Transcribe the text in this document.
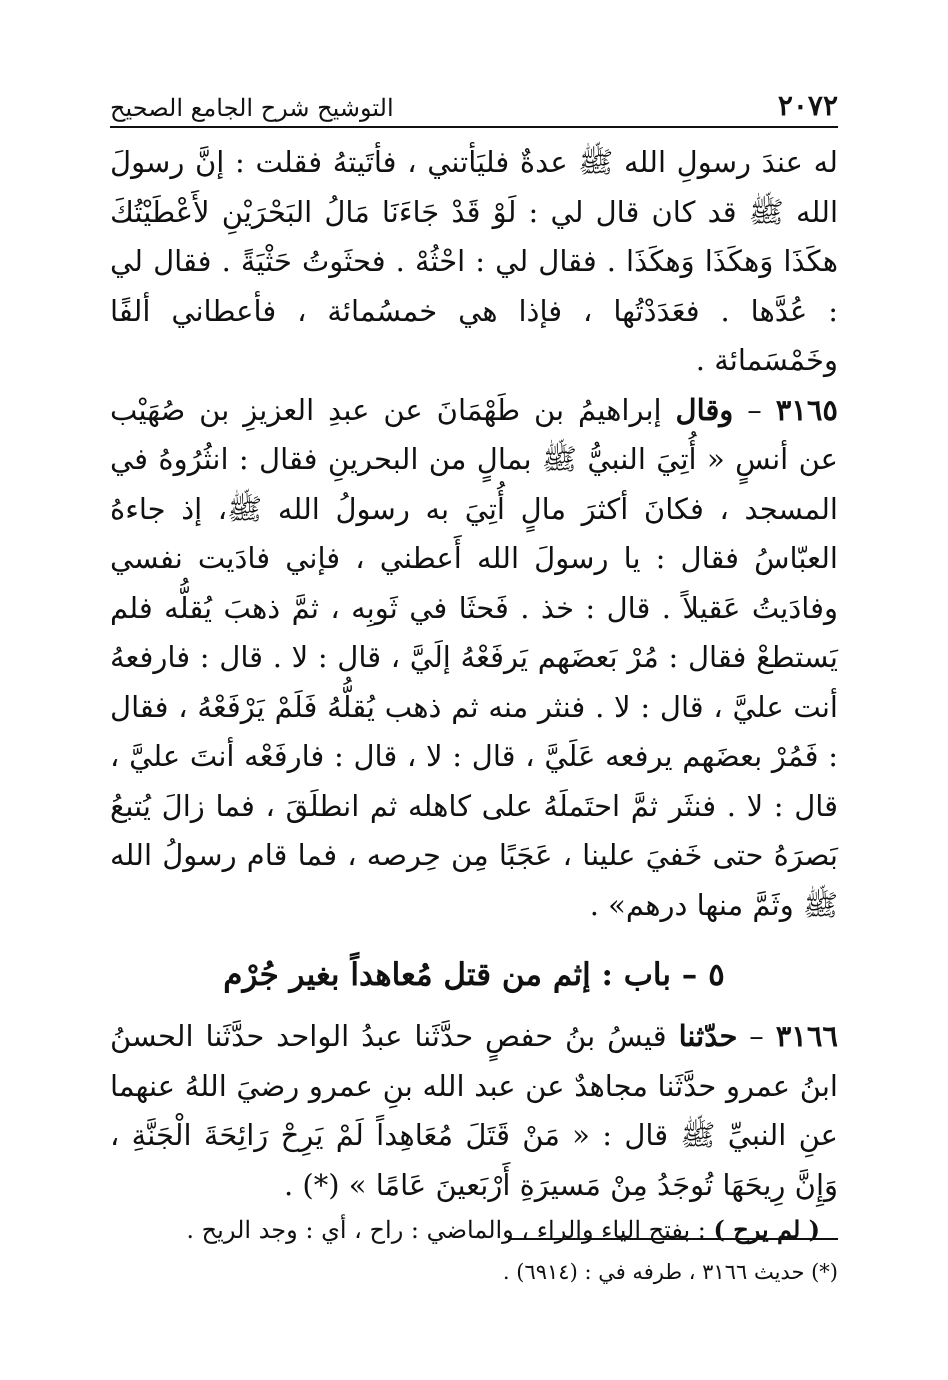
٢٠٧٢
التوشيح شرح الجامع الصحيح

له عندَ رسولِ الله ﷺ عدةٌ فليَأتني ، فأتَيتهُ فقلت : إنَّ رسولَ الله ﷺ قد كان قال لي : لَوْ قَدْ جَاءَنَا مَالُ البَحْرَيْنِ لأَعْطَيْتُكَ هكَذَا وَهكَذَا وَهكَذَا . فقال لي : احْثُهْ . فحثَوتُ حَثْيَةً . فقال لي : عُدَّها . فعَدَدْتُها ، فإذا هي خمسُمائة ، فأعطاني ألفًا وخَمْسَمائة .

٣١٦٥ – وقال إبراهيمُ بن طَهْمَانَ عن عبدِ العزيزِ بن صُهَيْب عن أنسٍ « أُتِيَ النبيُّ ﷺ بمالٍ من البحرينِ فقال : انثُرُوهُ في المسجد ، فكانَ أكثرَ مالٍ أُتِيَ به رسولُ الله ﷺ، إذ جاءهُ العبّاسُ فقال : يا رسولَ الله أَعطني ، فإني فادَيت نفسي وفادَيتُ عَقيلاً . قال : خذ . فَحثَا في ثَوبِه ، ثمَّ ذهبَ يُقلُّه فلم يَستطعْ فقال : مُرْ بَعضَهم يَرفَعْهُ إلَيَّ ، قال : لا . قال : فارفعهُ أنت عليَّ ، قال : لا . فنثر منه ثم ذهب يُقلُّهُ فَلَمْ يَرْفَعْهُ ، فقال : فَمُرْ بعضَهم يرفعه عَلَيَّ ، قال : لا ، قال : فارفَعْه أنتَ عليَّ ، قال : لا . فنثَر ثمَّ احتَملَهُ على كاهله ثم انطلَقَ ، فما زالَ يُتبعُ بَصرَهُ حتى خَفيَ علينا ، عَجَبًا مِن حِرصه ، فما قام رسولُ الله ﷺ وثَمَّ منها درهم» .

٥ – باب : إثم من قتل مُعاهداً بغير جُرْم

٣١٦٦ – حدّثنا قيسُ بنُ حفصٍ حدَّثَنا عبدُ الواحد حدَّثَنا الحسنُ ابنُ عمرو حدَّثَنا مجاهدٌ عن عبد الله بنِ عمرو رضيَ اللهُ عنهما عنِ النبيِّ ﷺ قال : « مَنْ قَتَلَ مُعَاهِداً لَمْ يَرِحْ رَائِحَةَ الْجَنَّةِ ، وَإِنَّ رِيحَهَا تُوجَدُ مِنْ مَسيرَةِ أَرْبَعينَ عَامًا » (*) .

( لم يرح ) : بفتح الياء والراء ، والماضي : راح ، أي : وجد الريح .

(*) حديث ٣١٦٦ ، طرفه في : (٦٩١٤) .
